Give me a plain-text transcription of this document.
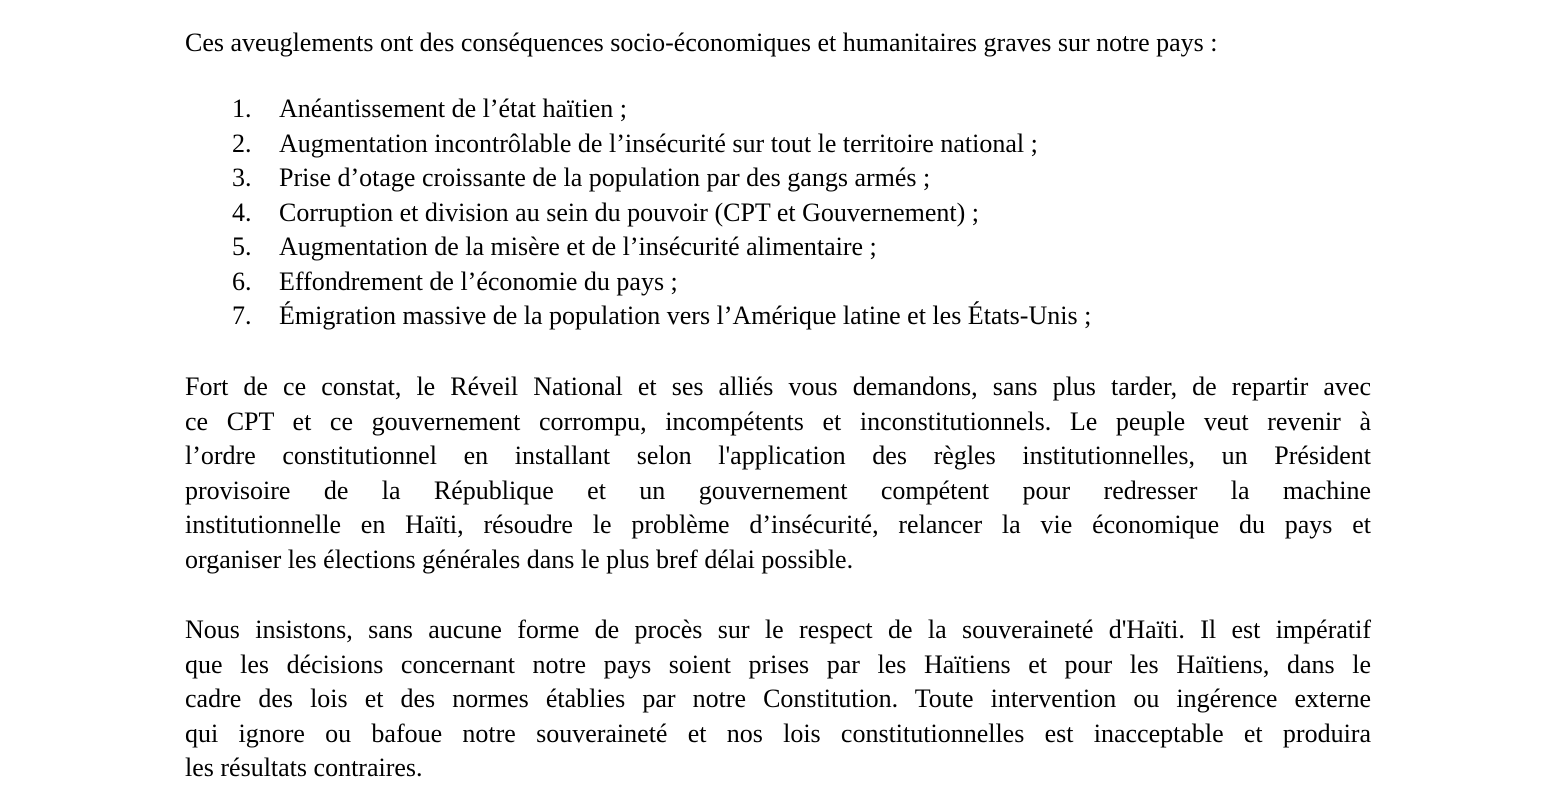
Ces aveuglements ont des conséquences socio-économiques et humanitaires graves sur notre pays :

1. Anéantissement de l’état haïtien ;
2. Augmentation incontrôlable de l’insécurité sur tout le territoire national ;
3. Prise d’otage croissante de la population par des gangs armés ;
4. Corruption et division au sein du pouvoir (CPT et Gouvernement) ;
5. Augmentation de la misère et de l’insécurité alimentaire ;
6. Effondrement de l’économie du pays ;
7. Émigration massive de la population vers l’Amérique latine et les États-Unis ;

Fort de ce constat, le Réveil National et ses alliés vous demandons, sans plus tarder, de repartir avec
ce CPT et ce gouvernement corrompu, incompétents et inconstitutionnels. Le peuple veut revenir à
l’ordre constitutionnel en installant selon l'application des règles institutionnelles, un Président
provisoire de la République et un gouvernement compétent pour redresser la machine
institutionnelle en Haïti, résoudre le problème d’insécurité, relancer la vie économique du pays et
organiser les élections générales dans le plus bref délai possible.

Nous insistons, sans aucune forme de procès sur le respect de la souveraineté d'Haïti. Il est impératif
que les décisions concernant notre pays soient prises par les Haïtiens et pour les Haïtiens, dans le
cadre des lois et des normes établies par notre Constitution. Toute intervention ou ingérence externe
qui ignore ou bafoue notre souveraineté et nos lois constitutionnelles est inacceptable et produira
les résultats contraires.
